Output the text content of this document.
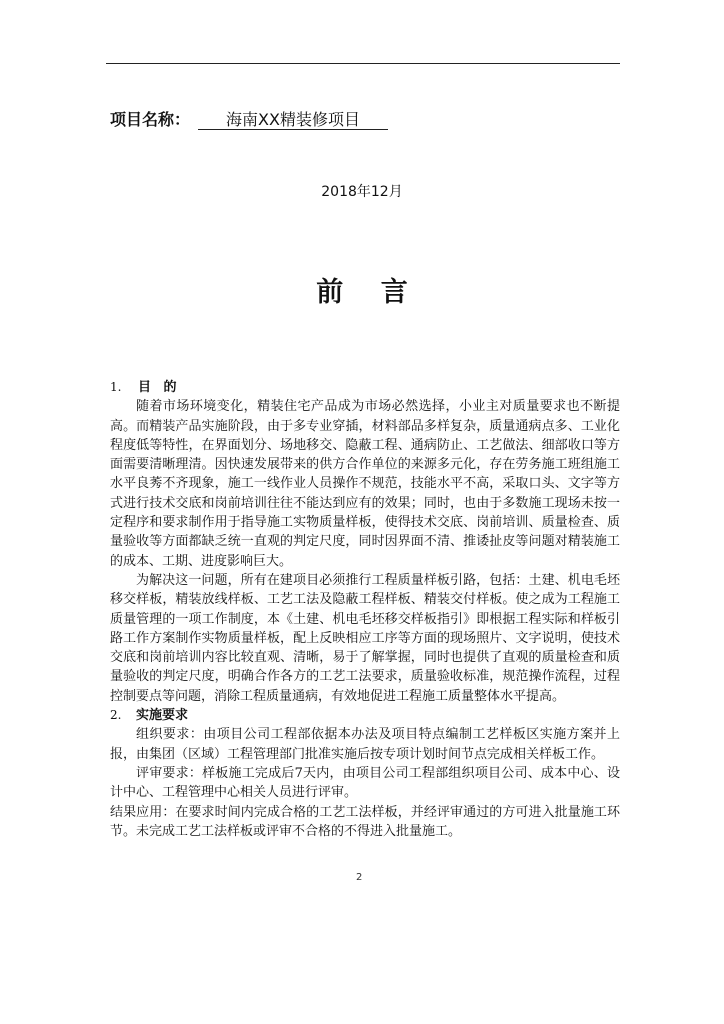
项目名称： 海南XX精装修项目
2018年12月
前 言
1.	目 的

随着市场环境变化，精装住宅产品成为市场必然选择，小业主对质量要求也不断提高。而精装产品实施阶段，由于多专业穿插，材料部品多样复杂，质量通病点多、工业化程度低等特性，在界面划分、场地移交、隐蔽工程、通病防止、工艺做法、细部收口等方面需要清晰理清。因快速发展带来的供方合作单位的来源多元化，存在劳务施工班组施工水平良莠不齐现象，施工一线作业人员操作不规范，技能水平不高，采取口头、文字等方式进行技术交底和岗前培训往往不能达到应有的效果；同时，也由于多数施工现场未按一定程序和要求制作用于指导施工实物质量样板，使得技术交底、岗前培训、质量检查、质量验收等方面都缺乏统一直观的判定尺度，同时因界面不清、推诿扯皮等问题对精装施工的成本、工期、进度影响巨大。

为解决这一问题，所有在建项目必须推行工程质量样板引路，包括：土建、机电毛坯移交样板，精装放线样板、工艺工法及隐蔽工程样板、精装交付样板。使之成为工程施工质量管理的一项工作制度，本《土建、机电毛坯移交样板指引》即根据工程实际和样板引路工作方案制作实物质量样板，配上反映相应工序等方面的现场照片、文字说明，使技术交底和岗前培训内容比较直观、清晰，易于了解掌握，同时也提供了直观的质量检查和质量验收的判定尺度，明确合作各方的工艺工法要求，质量验收标准，规范操作流程，过程控制要点等问题，消除工程质量通病，有效地促进工程施工质量整体水平提高。

2.	实施要求

组织要求：由项目公司工程部依据本办法及项目特点编制工艺样板区实施方案并上报，由集团（区域）工程管理部门批准实施后按专项计划时间节点完成相关样板工作。

评审要求：样板施工完成后7天内，由项目公司工程部组织项目公司、成本中心、设计中心、工程管理中心相关人员进行评审。

结果应用：在要求时间内完成合格的工艺工法样板，并经评审通过的方可进入批量施工环节。未完成工艺工法样板或评审不合格的不得进入批量施工。

2
